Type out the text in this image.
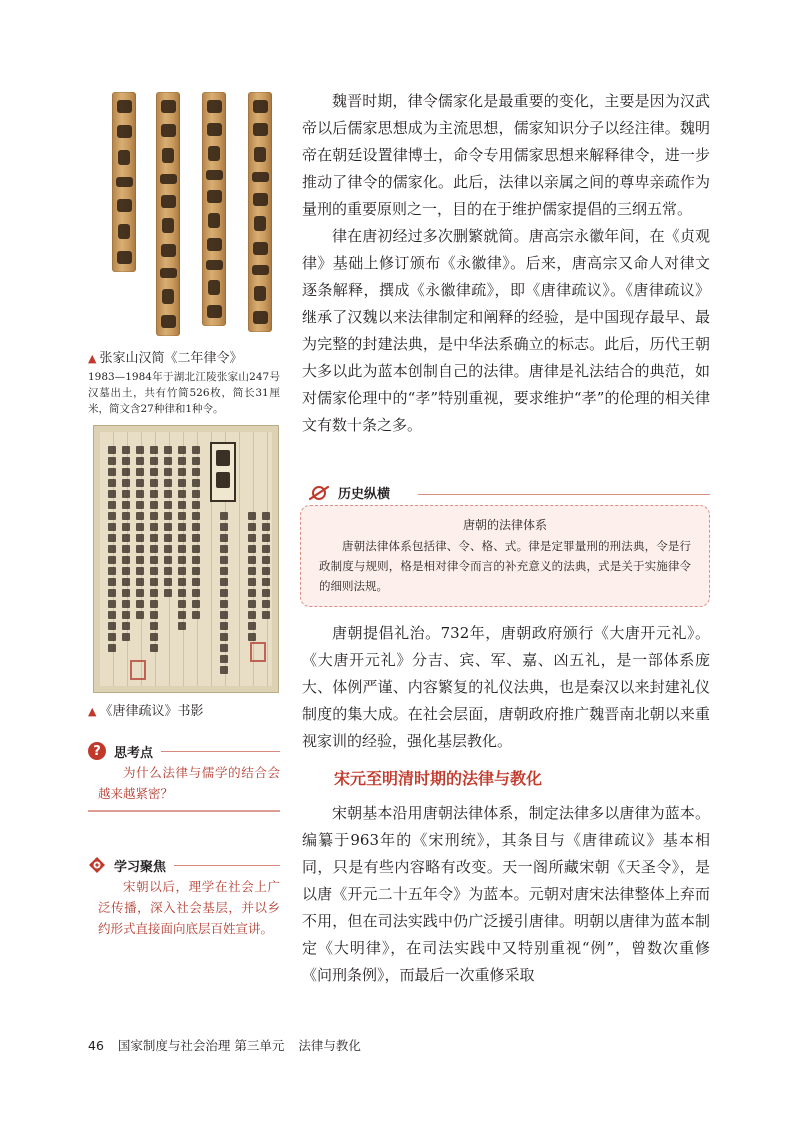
▲ 张家山汉简《二年律令》
1983—1984年于湖北江陵张家山247号汉墓出土，共有竹简526枚，简长31厘米，简文含27种律和1种令。
▲ 《唐律疏议》书影
?	思考点
为什么法律与儒学的结合会越来越紧密？
学习聚焦
宋朝以后，理学在社会上广泛传播，深入社会基层，并以乡约形式直接面向底层百姓宣讲。

魏晋时期，律令儒家化是最重要的变化，主要是因为汉武帝以后儒家思想成为主流思想，儒家知识分子以经注律。魏明帝在朝廷设置律博士，命令专用儒家思想来解释律令，进一步推动了律令的儒家化。此后，法律以亲属之间的尊卑亲疏作为量刑的重要原则之一，目的在于维护儒家提倡的三纲五常。

律在唐初经过多次删繁就简。唐高宗永徽年间，在《贞观律》基础上修订颁布《永徽律》。后来，唐高宗又命人对律文逐条解释，撰成《永徽律疏》，即《唐律疏议》。《唐律疏议》继承了汉魏以来法律制定和阐释的经验，是中国现存最早、最为完整的封建法典，是中华法系确立的标志。此后，历代王朝大多以此为蓝本创制自己的法律。唐律是礼法结合的典范，如对儒家伦理中的“孝”特别重视，要求维护“孝”的伦理的相关律文有数十条之多。

历史纵横
唐朝的法律体系
唐朝法律体系包括律、令、格、式。律是定罪量刑的刑法典，令是行政制度与规则，格是相对律令而言的补充意义的法典，式是关于实施律令的细则法规。

唐朝提倡礼治。732年，唐朝政府颁行《大唐开元礼》。《大唐开元礼》分吉、宾、军、嘉、凶五礼，是一部体系庞大、体例严谨、内容繁复的礼仪法典，也是秦汉以来封建礼仪制度的集大成。在社会层面，唐朝政府推广魏晋南北朝以来重视家训的经验，强化基层教化。

宋元至明清时期的法律与教化

宋朝基本沿用唐朝法律体系，制定法律多以唐律为蓝本。编纂于963年的《宋刑统》，其条目与《唐律疏议》基本相同，只是有些内容略有改变。天一阁所藏宋朝《天圣令》，是以唐《开元二十五年令》为蓝本。元朝对唐宋法律整体上弃而不用，但在司法实践中仍广泛援引唐律。明朝以唐律为蓝本制定《大明律》，在司法实践中又特别重视“例”，曾数次重修《问刑条例》，而最后一次重修采取

46 国家制度与社会治理 第三单元 法律与教化
